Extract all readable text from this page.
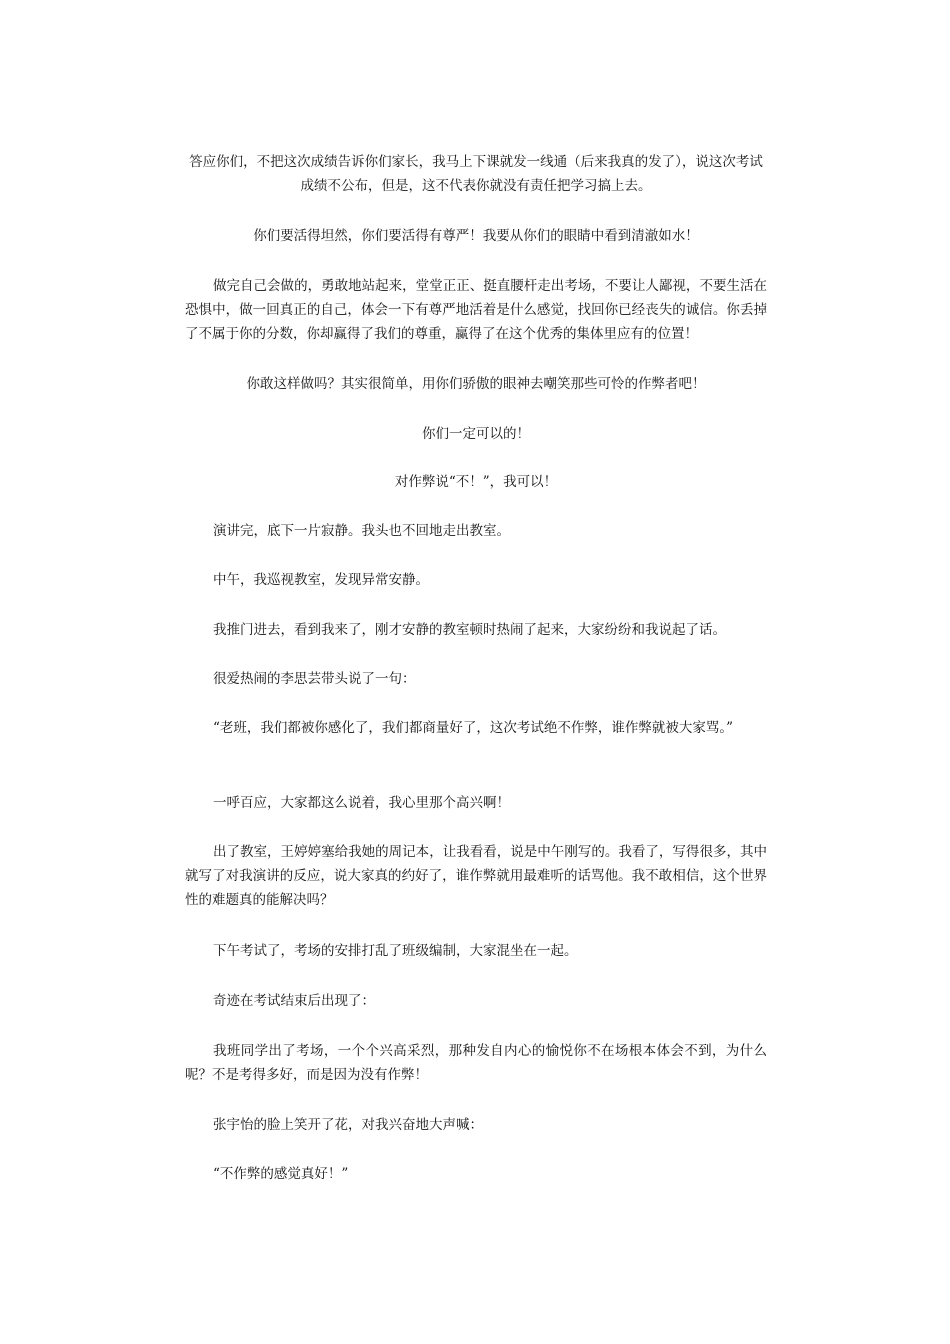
答应你们，不把这次成绩告诉你们家长，我马上下课就发一线通（后来我真的发了），说这次考试成绩不公布，但是，这不代表你就没有责任把学习搞上去。

你们要活得坦然，你们要活得有尊严！我要从你们的眼睛中看到清澈如水！

做完自己会做的，勇敢地站起来，堂堂正正、挺直腰杆走出考场，不要让人鄙视，不要生活在恐惧中，做一回真正的自己，体会一下有尊严地活着是什么感觉，找回你已经丧失的诚信。你丢掉了不属于你的分数，你却赢得了我们的尊重，赢得了在这个优秀的集体里应有的位置！

你敢这样做吗？其实很简单，用你们骄傲的眼神去嘲笑那些可怜的作弊者吧！

你们一定可以的！

对作弊说“不！”，我可以！

演讲完，底下一片寂静。我头也不回地走出教室。

中午，我巡视教室，发现异常安静。

我推门进去，看到我来了，刚才安静的教室顿时热闹了起来，大家纷纷和我说起了话。

很爱热闹的李思芸带头说了一句：

“老班，我们都被你感化了，我们都商量好了，这次考试绝不作弊，谁作弊就被大家骂。”

一呼百应，大家都这么说着，我心里那个高兴啊！

出了教室，王婷婷塞给我她的周记本，让我看看，说是中午刚写的。我看了，写得很多，其中就写了对我演讲的反应，说大家真的约好了，谁作弊就用最难听的话骂他。我不敢相信，这个世界性的难题真的能解决吗？

下午考试了，考场的安排打乱了班级编制，大家混坐在一起。

奇迹在考试结束后出现了：

我班同学出了考场，一个个兴高采烈，那种发自内心的愉悦你不在场根本体会不到，为什么呢？不是考得多好，而是因为没有作弊！

张宇怡的脸上笑开了花，对我兴奋地大声喊：

“不作弊的感觉真好！”
